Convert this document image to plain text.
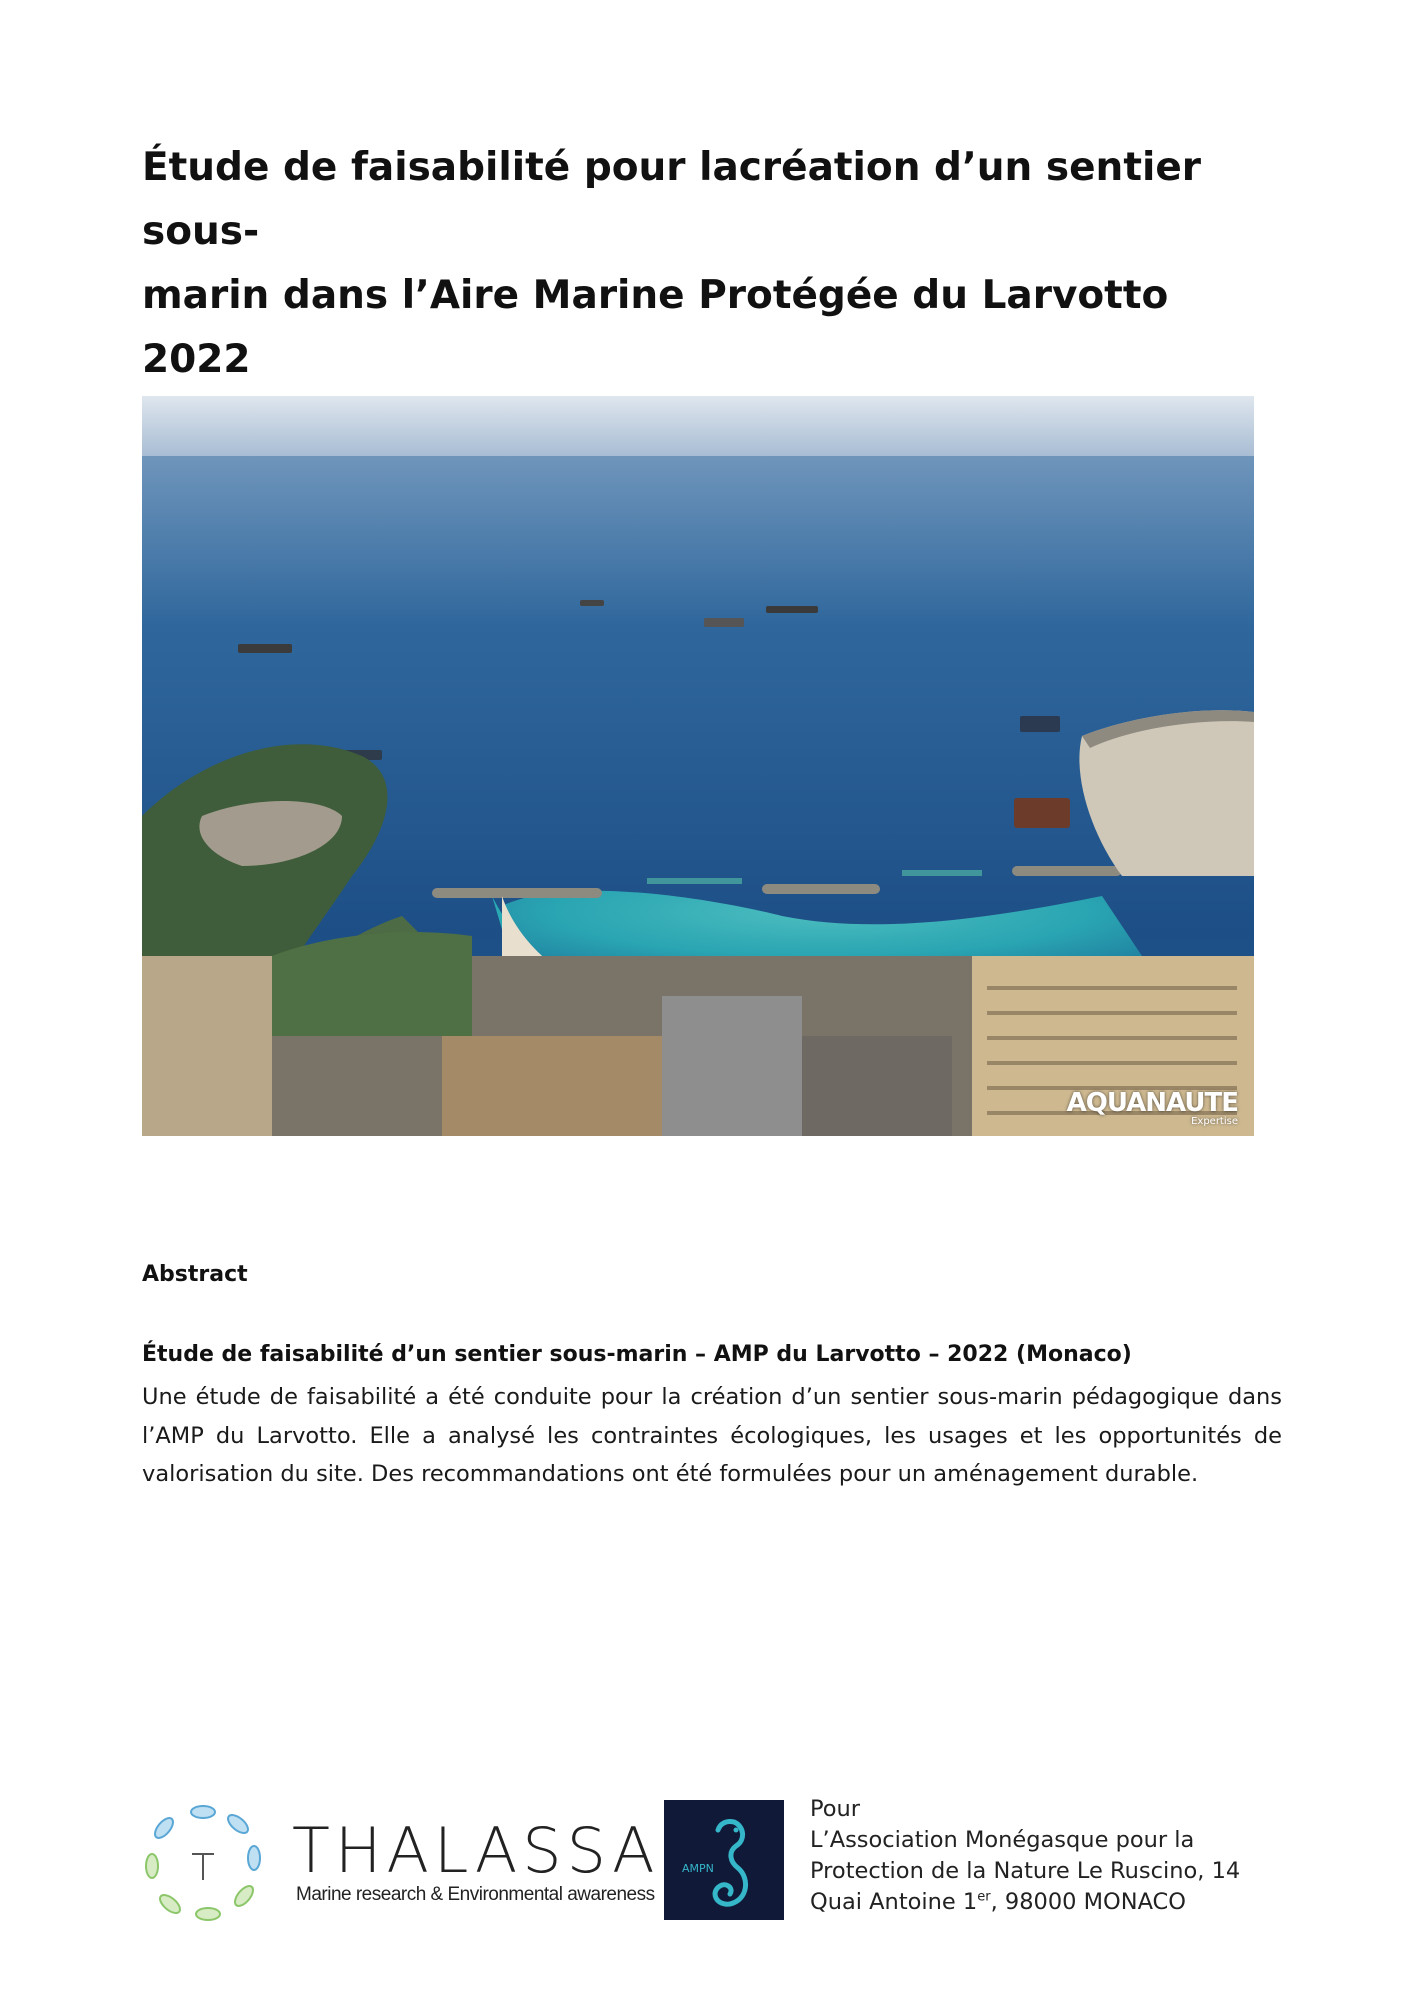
Étude de faisabilité pour lacréation d’un sentier sous-
marin dans l’Aire Marine Protégée du Larvotto
2022
AQUANAUTE
Expertise
Abstract
Étude de faisabilité d’un sentier sous-marin – AMP du Larvotto – 2022 (Monaco)

Une étude de faisabilité a été conduite pour la création d’un sentier sous-marin pédagogique dans l’AMP du Larvotto. Elle a analysé les contraintes écologiques, les usages et les opportunités de valorisation du site. Des recommandations ont été formulées pour un aménagement durable.

THALASSA

Marine research & Environmental awareness

AMPN

Pour
L’Association Monégasque pour la
Protection de la Nature Le Ruscino, 14
Quai Antoine 1er, 98000 MONACO
